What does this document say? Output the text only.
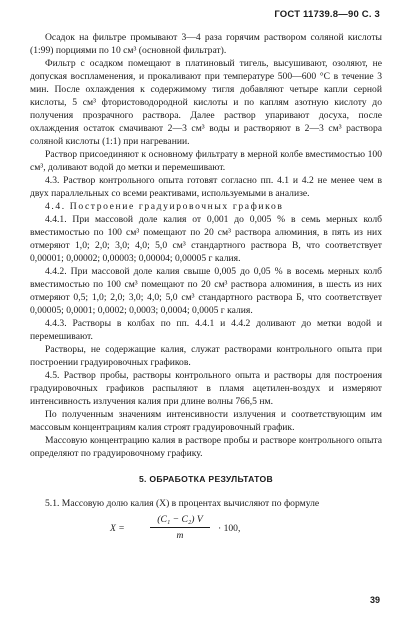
ГОСТ 11739.8—90 С. 3

Осадок на фильтре промывают 3—4 раза горячим раствором соляной кислоты (1:99) порциями по 10 см³ (основной фильтрат).

Фильтр с осадком помещают в платиновый тигель, высушивают, озоляют, не допуская воспламенения, и прокаливают при температуре 500—600 °С в течение 3 мин. После охлаждения к содержимому тигля добавляют четыре капли серной кислоты, 5 см³ фтористоводородной кислоты и по каплям азотную кислоту до получения прозрачного раствора. Далее раствор упаривают досуха, после охлаждения остаток смачивают 2—3 см³ воды и растворяют в 2—3 см³ раствора соляной кислоты (1:1) при нагревании.

Раствор присоединяют к основному фильтрату в мерной колбе вместимостью 100 см³, доливают водой до метки и перемешивают.

4.3. Раствор контрольного опыта готовят согласно пп. 4.1 и 4.2 не менее чем в двух параллельных со всеми реактивами, используемыми в анализе.

4.4. Построение градуировочных графиков

4.4.1. При массовой доле калия от 0,001 до 0,005 % в семь мерных колб вместимостью по 100 см³ помещают по 20 см³ раствора алюминия, в пять из них отмеряют 1,0; 2,0; 3,0; 4,0; 5,0 см³ стандартного раствора В, что соответствует 0,00001; 0,00002; 0,00003; 0,00004; 0,00005 г калия.

4.4.2. При массовой доле калия свыше 0,005 до 0,05 % в восемь мерных колб вместимостью по 100 см³ помещают по 20 см³ раствора алюминия, в шесть из них отмеряют 0,5; 1,0; 2,0; 3,0; 4,0; 5,0 см³ стандартного раствора Б, что соответствует 0,00005; 0,0001; 0,0002; 0,0003; 0,0004; 0,0005 г калия.

4.4.3. Растворы в колбах по пп. 4.4.1 и 4.4.2 доливают до метки водой и перемешивают.

Растворы, не содержащие калия, служат растворами контрольного опыта при построении градуировочных графиков.

4.5. Раствор пробы, растворы контрольного опыта и растворы для построения градуировочных графиков распыляют в пламя ацетилен-воздух и измеряют интенсивность излучения калия при длине волны 766,5 нм.

По полученным значениям интенсивности излучения и соответствующим им массовым концентрациям калия строят градуировочный график.

Массовую концентрацию калия в растворе пробы и растворе контрольного опыта определяют по градуировочному графику.

5. ОБРАБОТКА РЕЗУЛЬТАТОВ

5.1. Массовую долю калия (X) в процентах вычисляют по формуле

X =	$\frac{\text{(C₁ − C₂) V}}{m} \cdot 100$,
39
